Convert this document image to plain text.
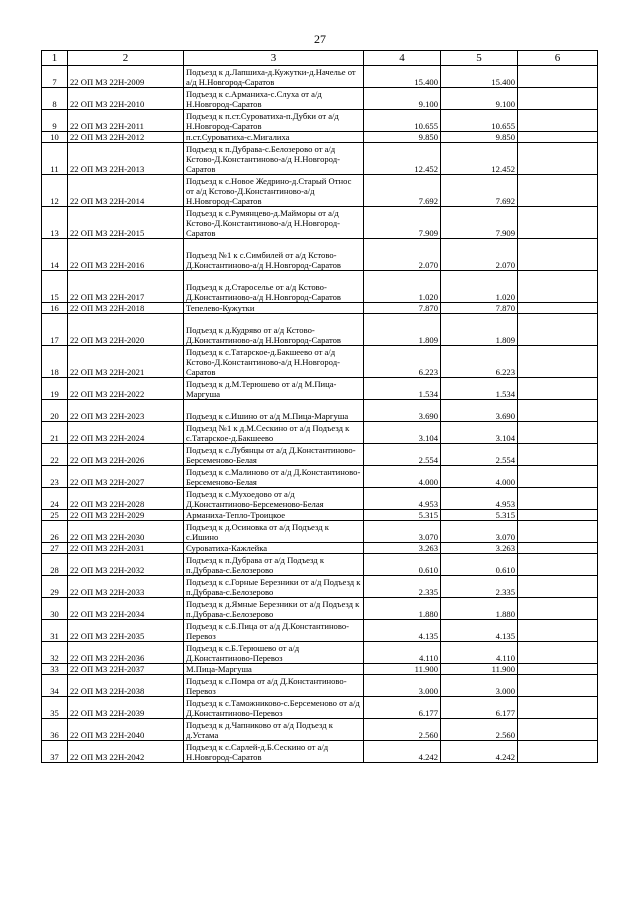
27
1	2	3	4	5	6
7	22 ОП МЗ 22Н-2009	Подъезд к д.Лапшиха-д.Кужутки-д.Начелье от а/д Н.Новгород-Саратов	15.400	15.400	
8	22 ОП МЗ 22Н-2010	Подъезд к с.Арманиха-с.Слуха от а/д Н.Новгород-Саратов	9.100	9.100	
9	22 ОП МЗ 22Н-2011	Подъезд к п.ст.Суроватиха-п.Дубки от а/д Н.Новгород-Саратов	10.655	10.655	
10	22 ОП МЗ 22Н-2012	п.ст.Суроватиха-с.Мигалиха	9.850	9.850	
11	22 ОП МЗ 22Н-2013	Подъезд к п.Дубрава-с.Белозерово от а/д Кстово-Д.Константиново-а/д Н.Новгород-Саратов	12.452	12.452	
12	22 ОП МЗ 22Н-2014	Подъезд к с.Новое Жедрино-д.Старый Относ от а/д Кстово-Д.Константиново-а/д Н.Новгород-Саратов	7.692	7.692	
13	22 ОП МЗ 22Н-2015	Подъезд к с.Румянцево-д.Майморы от а/д Кстово-Д.Константиново-а/д Н.Новгород-Саратов	7.909	7.909	
14	22 ОП МЗ 22Н-2016	Подъезд №1 к с.Симбилей от а/д Кстово-Д.Константиново-а/д Н.Новгород-Саратов	2.070	2.070	
15	22 ОП МЗ 22Н-2017	Подъезд к д.Староселье от а/д Кстово-Д.Константиново-а/д Н.Новгород-Саратов	1.020	1.020	
16	22 ОП МЗ 22Н-2018	Тепелево-Кужутки	7.870	7.870	
17	22 ОП МЗ 22Н-2020	Подъезд к д.Кудряво от а/д Кстово-Д.Константиново-а/д Н.Новгород-Саратов	1.809	1.809	
18	22 ОП МЗ 22Н-2021	Подъезд к с.Татарское-д.Бакшеево от а/д Кстово-Д.Константиново-а/д Н.Новгород-Саратов	6.223	6.223	
19	22 ОП МЗ 22Н-2022	Подъезд к д.М.Терюшево от а/д М.Пица-Маргуша	1.534	1.534	
20	22 ОП МЗ 22Н-2023	Подъезд к с.Ишино от а/д М.Пица-Маргуша	3.690	3.690	
21	22 ОП МЗ 22Н-2024	Подъезд №1 к д.М.Сескино от а/д Подъезд к с.Татарское-д.Бакшеево	3.104	3.104	
22	22 ОП МЗ 22Н-2026	Подъезд к с.Лубянцы от а/д Д.Константиново-Берсеменово-Белая	2.554	2.554	
23	22 ОП МЗ 22Н-2027	Подъезд к с.Малиново от а/д Д.Константиново-Берсеменово-Белая	4.000	4.000	
24	22 ОП МЗ 22Н-2028	Подъезд к с.Мухоедово от а/д Д.Константиново-Берсеменово-Белая	4.953	4.953	
25	22 ОП МЗ 22Н-2029	Арманиха-Тепло-Троицкое	5.315	5.315	
26	22 ОП МЗ 22Н-2030	Подъезд к д.Осиновка от а/д Подъезд к с.Ишино	3.070	3.070	
27	22 ОП МЗ 22Н-2031	Суроватиха-Кажлейка	3.263	3.263	
28	22 ОП МЗ 22Н-2032	Подъезд к п.Дубрава от а/д Подъезд к п.Дубрава-с.Белозерово	0.610	0.610	
29	22 ОП МЗ 22Н-2033	Подъезд к с.Горные Березники от а/д Подъезд к п.Дубрава-с.Белозерово	2.335	2.335	
30	22 ОП МЗ 22Н-2034	Подъезд к д.Ямные Березники от а/д Подъезд к п.Дубрава-с.Белозерово	1.880	1.880	
31	22 ОП МЗ 22Н-2035	Подъезд к с.Б.Пица от а/д Д.Константиново-Перевоз	4.135	4.135	
32	22 ОП МЗ 22Н-2036	Подъезд к с.Б.Терюшево от а/д Д.Константиново-Перевоз	4.110	4.110	
33	22 ОП МЗ 22Н-2037	М.Пица-Маргуша	11.900	11.900	
34	22 ОП МЗ 22Н-2038	Подъезд к с.Помра от а/д Д.Константиново-Перевоз	3.000	3.000	
35	22 ОП МЗ 22Н-2039	Подъезд к с.Таможниково-с.Берсеменово от а/д Д.Константиново-Перевоз	6.177	6.177	
36	22 ОП МЗ 22Н-2040	Подъезд к д.Чапниково от а/д Подъезд к д.Устама	2.560	2.560	
37	22 ОП МЗ 22Н-2042	Подъезд к с.Сарлей-д.Б.Сескино от а/д Н.Новгород-Саратов	4.242	4.242	
